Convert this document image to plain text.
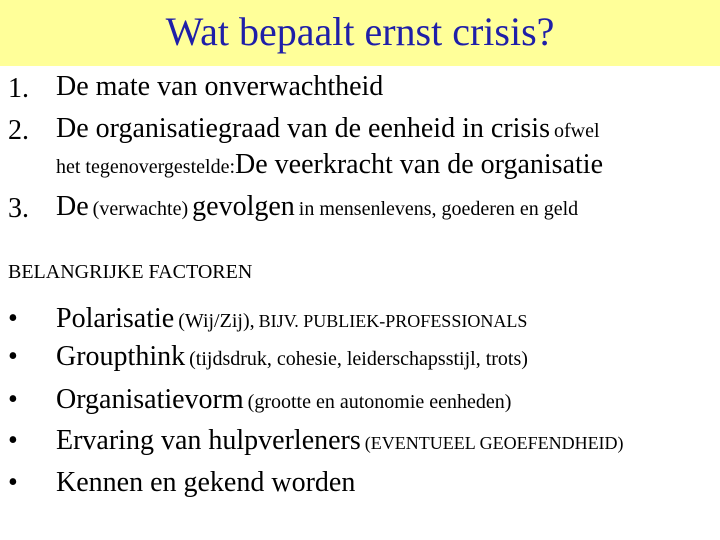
Wat bepaalt ernst crisis?
1. De mate van onverwachtheid
2. De organisatiegraad van de eenheid in crisis ofwel
het tegenovergestelde:De veerkracht van de organisatie
3. De (verwachte) gevolgen in mensenlevens, goederen en geld
BELANGRIJKE FACTOREN
• Polarisatie (Wij/Zij), BIJV. PUBLIEK-PROFESSIONALS
• Groupthink (tijdsdruk, cohesie, leiderschapsstijl, trots)
• Organisatievorm (grootte en autonomie eenheden)
• Ervaring van hulpverleners (EVENTUEEL GEOEFENDHEID)
• Kennen en gekend worden
